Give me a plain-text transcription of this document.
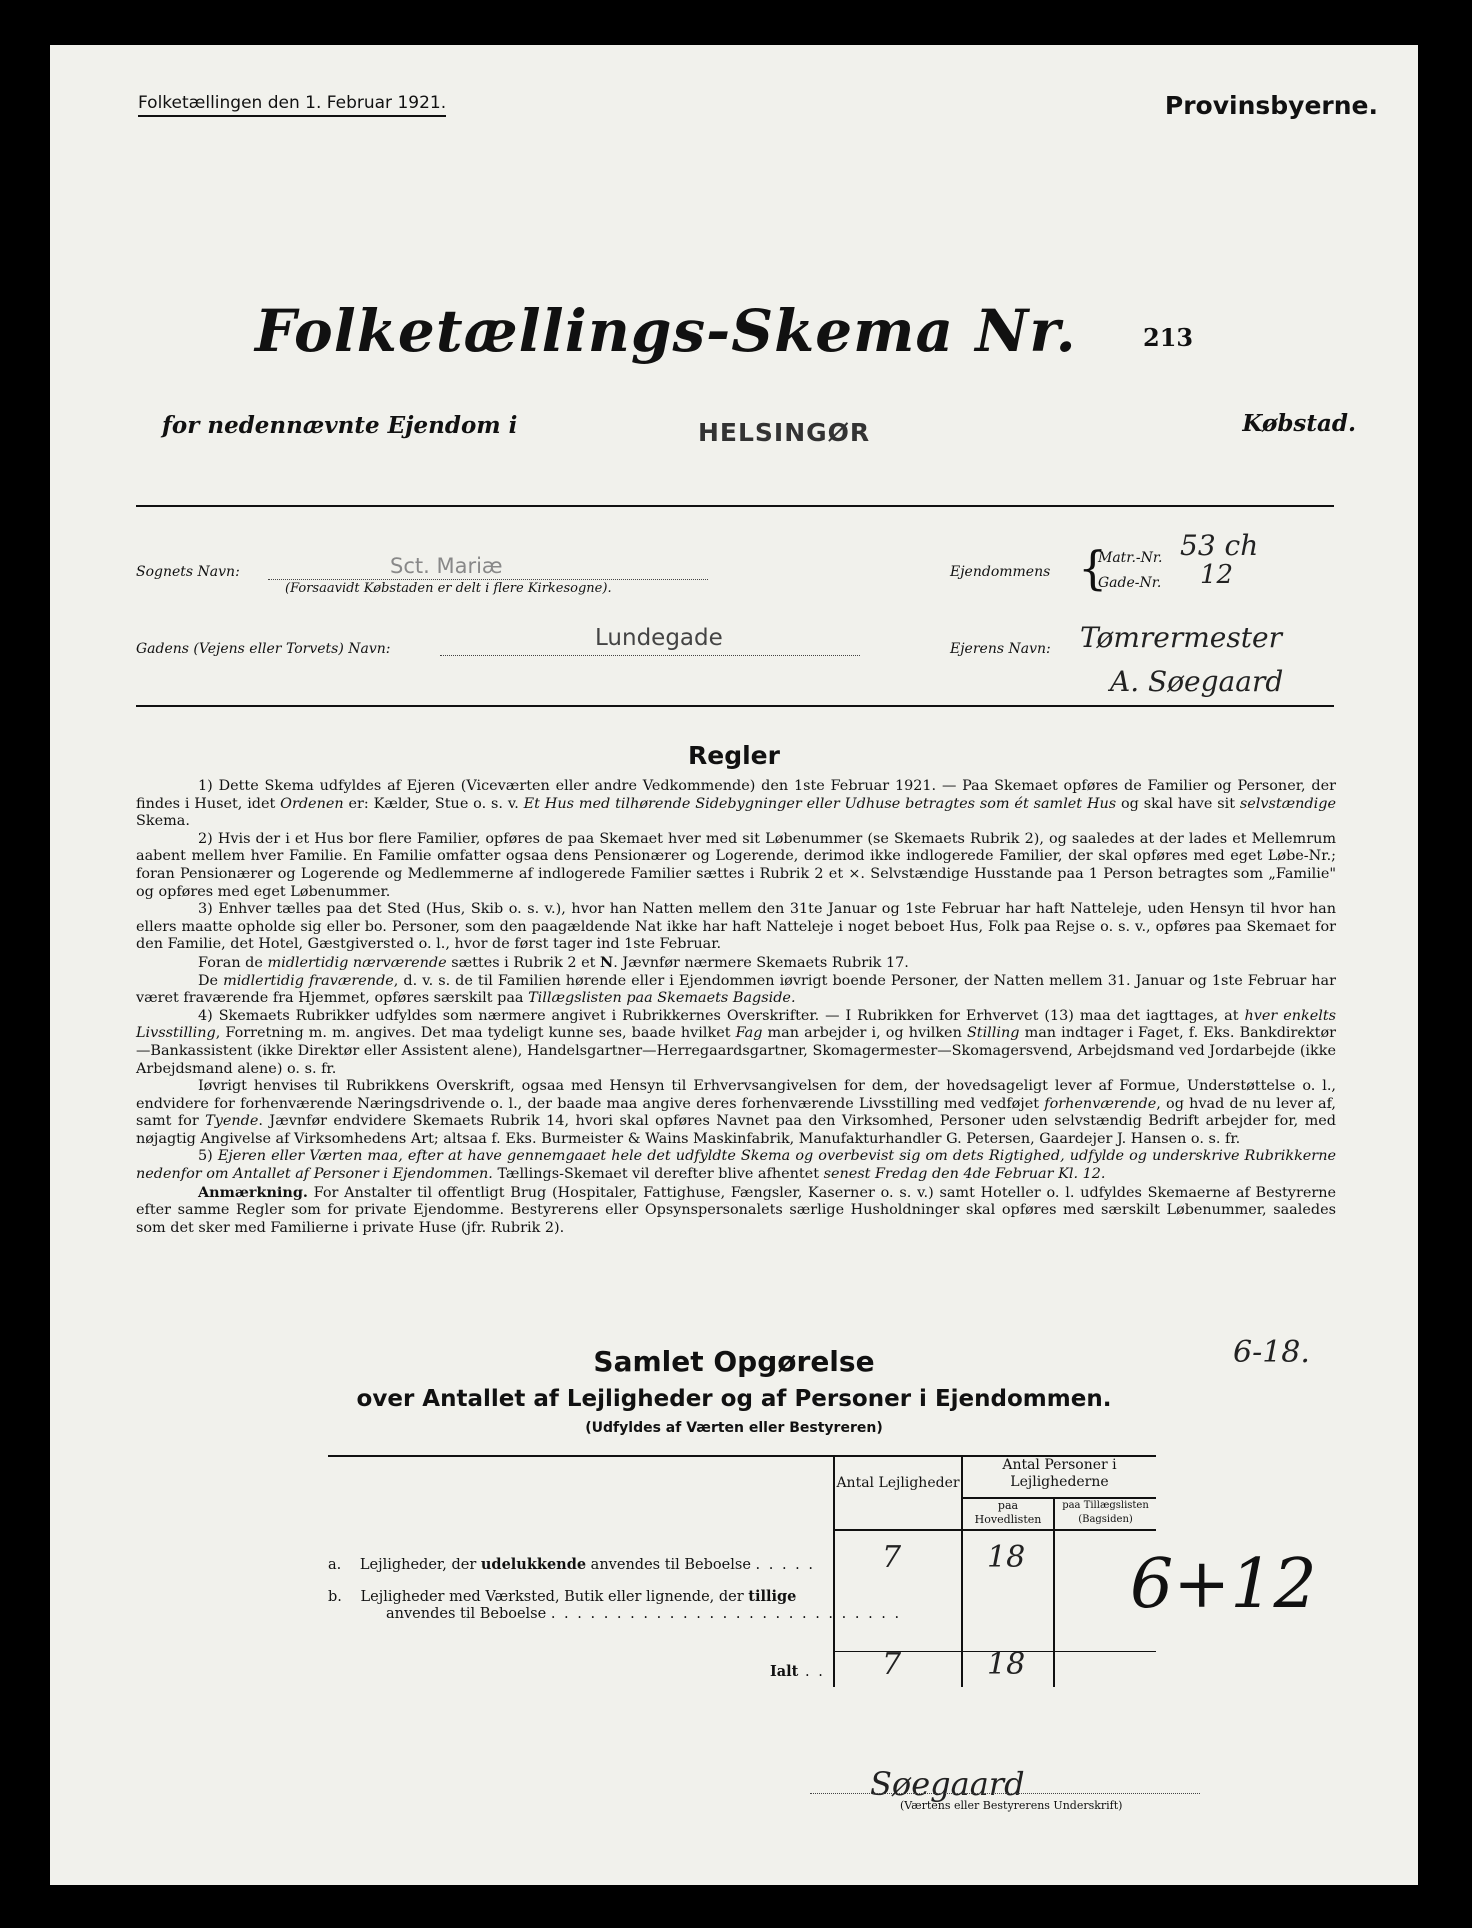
Folketællingen den 1. Februar 1921.	Provinsbyerne.
Folketællings-Skema Nr.	213
for nedennævnte Ejendom i	HELSINGØR	Købstad.
Sognets Navn:	Sct. Mariæ
(Forsaavidt Købstaden er delt i flere Kirkesogne).
Ejendommens {
Matr.-Nr. 53 ch
Gade-Nr. 12
Gadens (Vejens eller Torvets) Navn:	Lundegade	Ejerens Navn: Tømrermester
A. Søegaard
Regler

1) Dette Skema udfyldes af Ejeren (Viceværten eller andre Vedkommende) den 1ste Februar 1921. — Paa Skemaet opføres de Familier og Personer, der findes i Huset, idet Ordenen er: Kælder, Stue o. s. v. Et Hus med tilhørende Sidebygninger eller Udhuse betragtes som ét samlet Hus og skal have sit selvstændige Skema.

2) Hvis der i et Hus bor flere Familier, opføres de paa Skemaet hver med sit Løbenummer (se Skemaets Rubrik 2), og saaledes at der lades et Mellemrum aabent mellem hver Familie. En Familie omfatter ogsaa dens Pensionærer og Logerende, derimod ikke indlogerede Familier, der skal opføres med eget Løbe-Nr.; foran Pensionærer og Logerende og Medlemmerne af indlogerede Familier sættes i Rubrik 2 et ×. Selvstændige Husstande paa 1 Person betragtes som „Familie" og opføres med eget Løbenummer.

3) Enhver tælles paa det Sted (Hus, Skib o. s. v.), hvor han Natten mellem den 31te Januar og 1ste Februar har haft Natteleje, uden Hensyn til hvor han ellers maatte opholde sig eller bo. Personer, som den paagældende Nat ikke har haft Natteleje i noget beboet Hus, Folk paa Rejse o. s. v., opføres paa Skemaet for den Familie, det Hotel, Gæstgiversted o. l., hvor de først tager ind 1ste Februar.

Foran de midlertidig nærværende sættes i Rubrik 2 et N. Jævnfør nærmere Skemaets Rubrik 17.

De midlertidig fraværende, d. v. s. de til Familien hørende eller i Ejendommen iøvrigt boende Personer, der Natten mellem 31. Januar og 1ste Februar har været fraværende fra Hjemmet, opføres særskilt paa Tillægslisten paa Skemaets Bagside.

4) Skemaets Rubrikker udfyldes som nærmere angivet i Rubrikkernes Overskrifter. — I Rubrikken for Erhvervet (13) maa det iagttages, at hver enkelts Livsstilling, Forretning m. m. angives. Det maa tydeligt kunne ses, baade hvilket Fag man arbejder i, og hvilken Stilling man indtager i Faget, f. Eks. Bankdirektør—Bankassistent (ikke Direktør eller Assistent alene), Handelsgartner—Herregaardsgartner, Skomagermester—Skomagersvend, Arbejdsmand ved Jordarbejde (ikke Arbejdsmand alene) o. s. fr.

Iøvrigt henvises til Rubrikkens Overskrift, ogsaa med Hensyn til Erhvervsangivelsen for dem, der hovedsageligt lever af Formue, Understøttelse o. l., endvidere for forhenværende Næringsdrivende o. l., der baade maa angive deres forhenværende Livsstilling med vedføjet forhenværende, og hvad de nu lever af, samt for Tyende. Jævnfør endvidere Skemaets Rubrik 14, hvori skal opføres Navnet paa den Virksomhed, Personer uden selvstændig Bedrift arbejder for, med nøjagtig Angivelse af Virksomhedens Art; altsaa f. Eks. Burmeister & Wains Maskinfabrik, Manufakturhandler G. Petersen, Gaardejer J. Hansen o. s. fr.

5) Ejeren eller Værten maa, efter at have gennemgaaet hele det udfyldte Skema og overbevist sig om dets Rigtighed, udfylde og underskrive Rubrikkerne nedenfor om Antallet af Personer i Ejendommen. Tællings-Skemaet vil derefter blive afhentet senest Fredag den 4de Februar Kl. 12.

Anmærkning. For Anstalter til offentligt Brug (Hospitaler, Fattighuse, Fængsler, Kaserner o. s. v.) samt Hoteller o. l. udfyldes Skemaerne af Bestyrerne efter samme Regler som for private Ejendomme. Bestyrerens eller Opsynspersonalets særlige Husholdninger skal opføres med særskilt Løbenummer, saaledes som det sker med Familierne i private Huse (jfr. Rubrik 2).

Samlet Opgørelse	6-18.
over Antallet af Lejligheder og af Personer i Ejendommen.
(Udfyldes af Værten eller Bestyreren)
Antal Lejligheder
Antal Personer i Lejlighederne
paa Hovedlisten
paa Tillægslisten (Bagsiden)
a. Lejligheder, der udelukkende anvendes til Beboelse . . . . . 7	18
b. Lejligheder med Værksted, Butik eller lignende, der tillige
anvendes til Beboelse . . . . . . . . . . . . . . . . . . . . . . . . . . .
Ialt . . 7	18
6+12
Søegaard
(Værtens eller Bestyrerens Underskrift)
